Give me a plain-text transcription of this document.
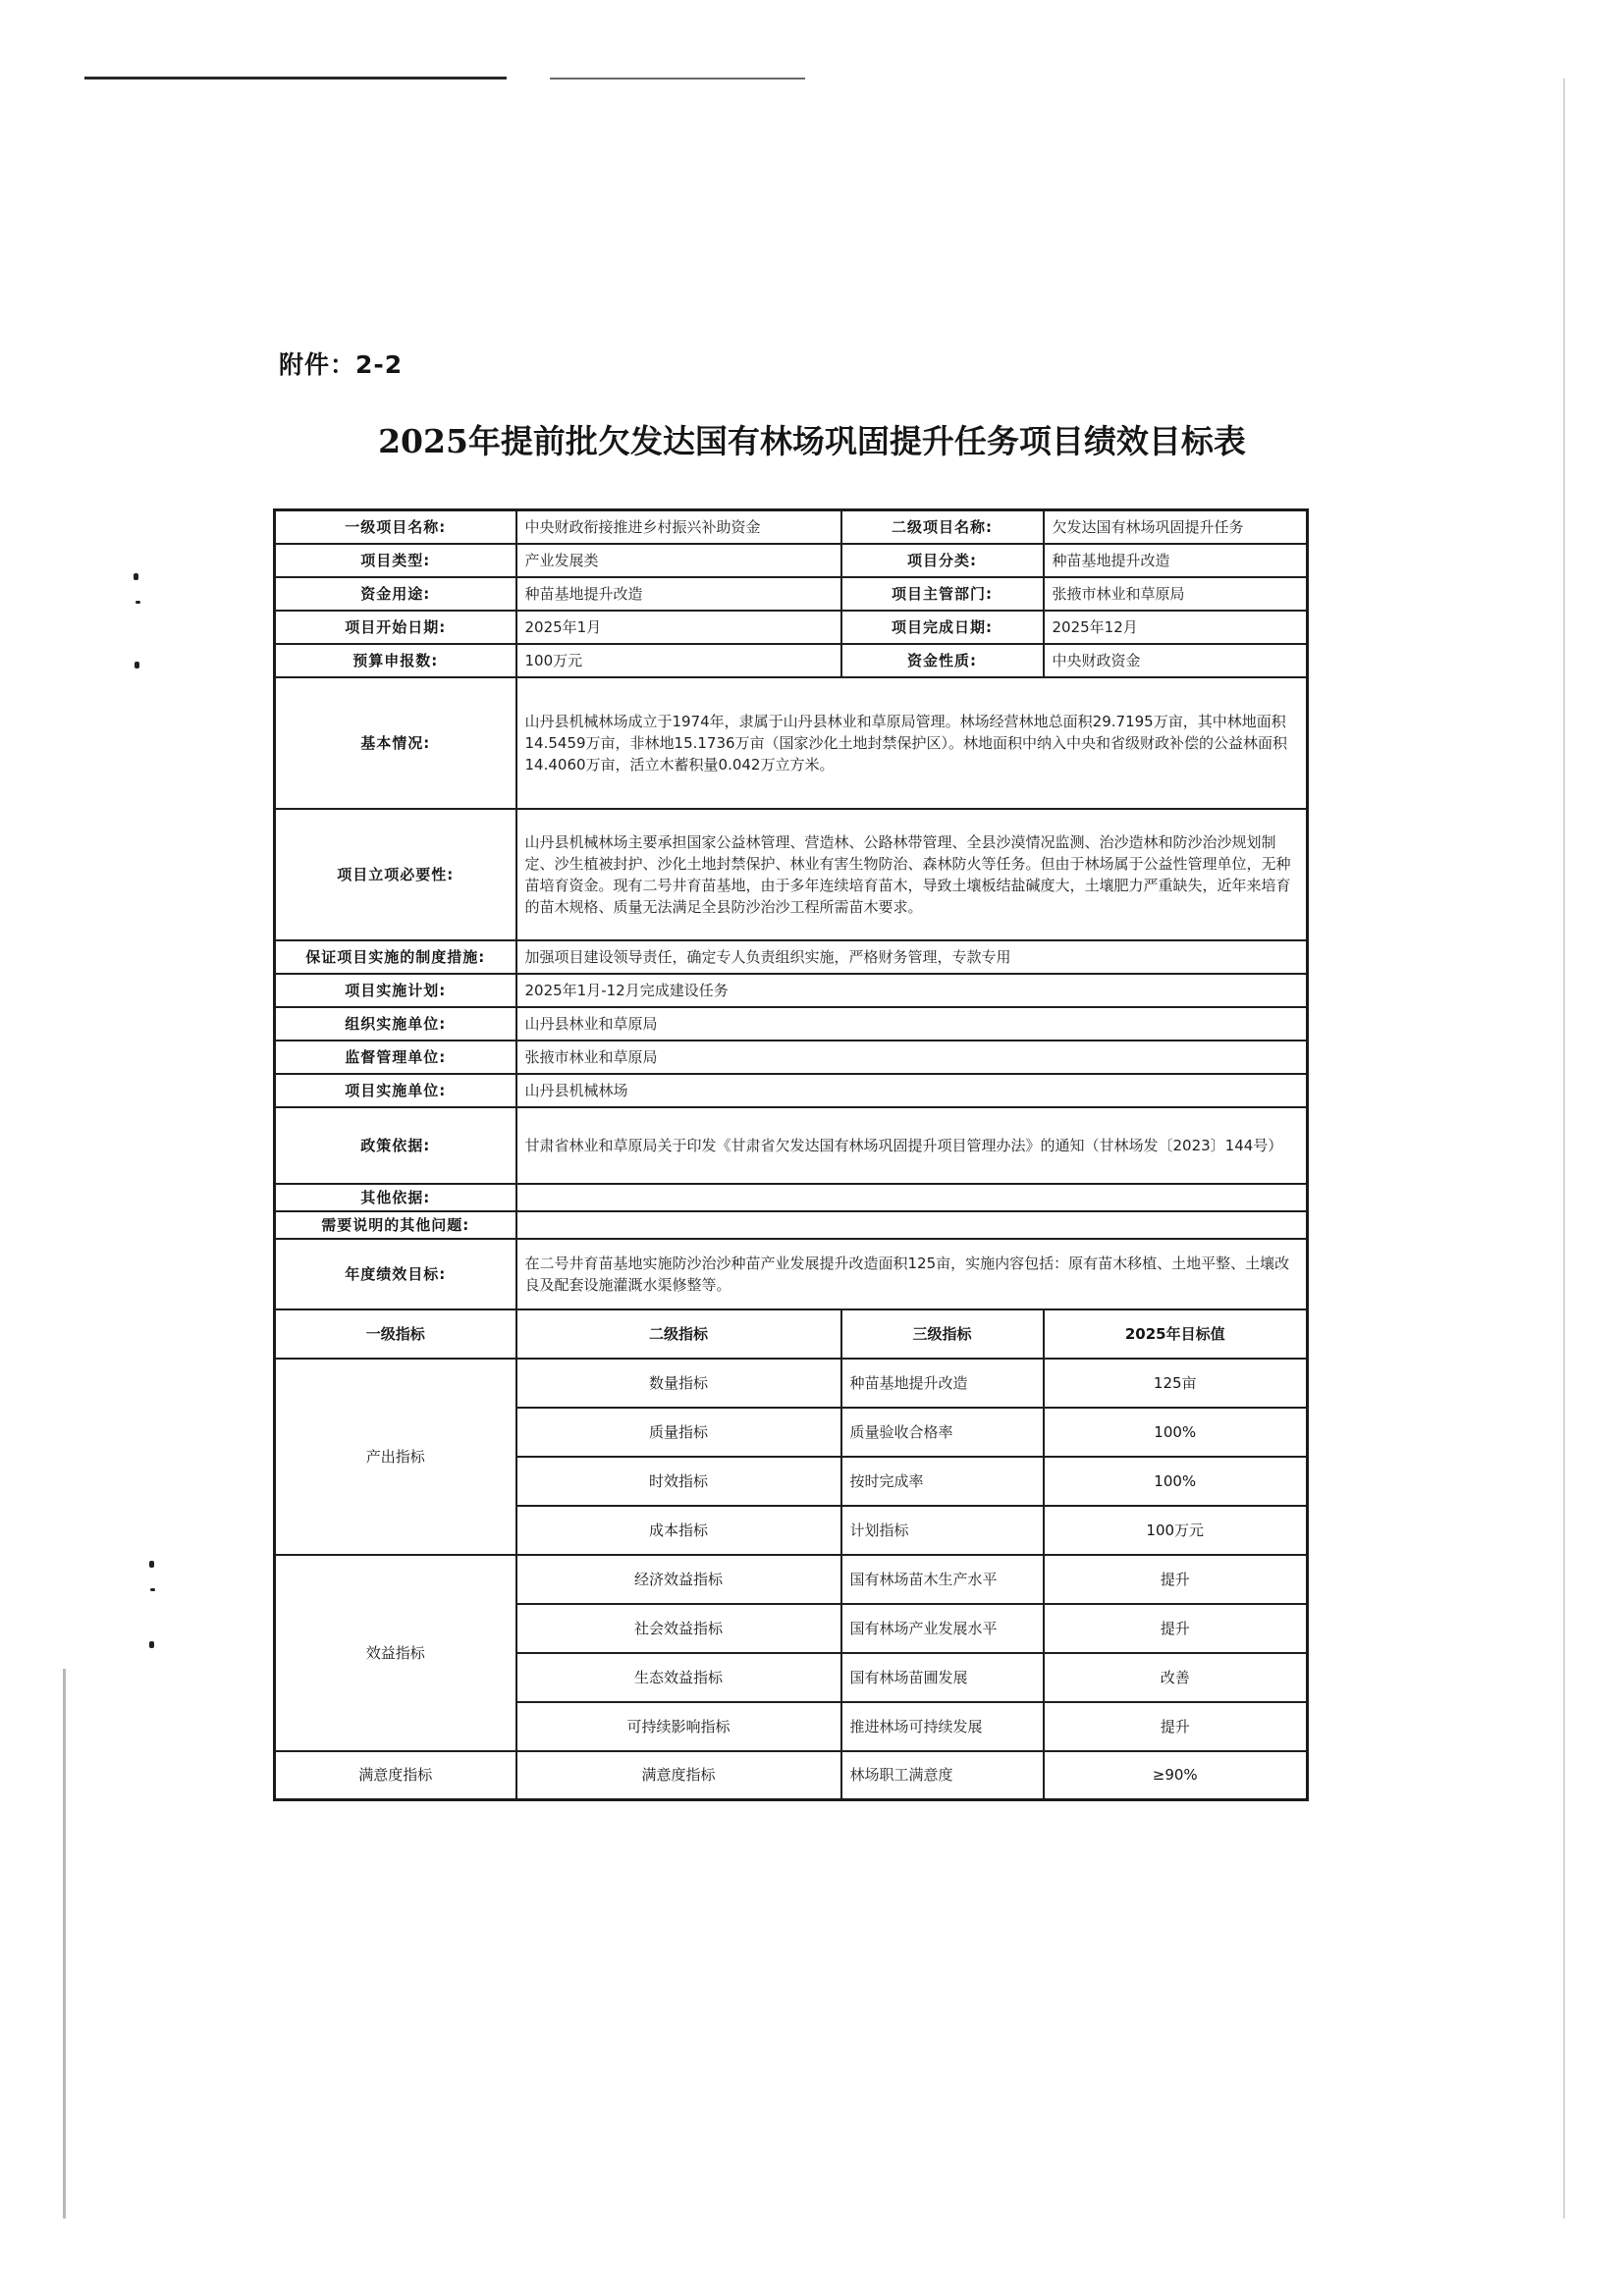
附件：2-2
2025年提前批欠发达国有林场巩固提升任务项目绩效目标表
一级项目名称:	中央财政衔接推进乡村振兴补助资金	二级项目名称:	欠发达国有林场巩固提升任务
项目类型:	产业发展类	项目分类:	种苗基地提升改造
资金用途:	种苗基地提升改造	项目主管部门:	张掖市林业和草原局
项目开始日期:	2025年1月	项目完成日期:	2025年12月
预算申报数:	100万元	资金性质:	中央财政资金
基本情况:	山丹县机械林场成立于1974年，隶属于山丹县林业和草原局管理。林场经营林地总面积29.7195万亩，其中林地面积14.5459万亩，非林地15.1736万亩（国家沙化土地封禁保护区）。林地面积中纳入中央和省级财政补偿的公益林面积14.4060万亩，活立木蓄积量0.042万立方米。		
项目立项必要性:	山丹县机械林场主要承担国家公益林管理、营造林、公路林带管理、全县沙漠情况监测、治沙造林和防沙治沙规划制定、沙生植被封护、沙化土地封禁保护、林业有害生物防治、森林防火等任务。但由于林场属于公益性管理单位，无种苗培育资金。现有二号井育苗基地，由于多年连续培育苗木，导致土壤板结盐碱度大，土壤肥力严重缺失，近年来培育的苗木规格、质量无法满足全县防沙治沙工程所需苗木要求。		
保证项目实施的制度措施:	加强项目建设领导责任，确定专人负责组织实施，严格财务管理，专款专用		
项目实施计划:	2025年1月-12月完成建设任务		
组织实施单位:	山丹县林业和草原局		
监督管理单位:	张掖市林业和草原局		
项目实施单位:	山丹县机械林场		
政策依据:	甘肃省林业和草原局关于印发《甘肃省欠发达国有林场巩固提升项目管理办法》的通知（甘林场发〔2023〕144号）		
其他依据:			
需要说明的其他问题:			
年度绩效目标:	在二号井育苗基地实施防沙治沙种苗产业发展提升改造面积125亩，实施内容包括：原有苗木移植、土地平整、土壤改良及配套设施灌溉水渠修整等。		
一级指标	二级指标	三级指标	2025年目标值
产出指标	数量指标	种苗基地提升改造	125亩
	质量指标	质量验收合格率	100%
	时效指标	按时完成率	100%
	成本指标	计划指标	100万元
效益指标	经济效益指标	国有林场苗木生产水平	提升
	社会效益指标	国有林场产业发展水平	提升
	生态效益指标	国有林场苗圃发展	改善
	可持续影响指标	推进林场可持续发展	提升
满意度指标	满意度指标	林场职工满意度	≥90%
